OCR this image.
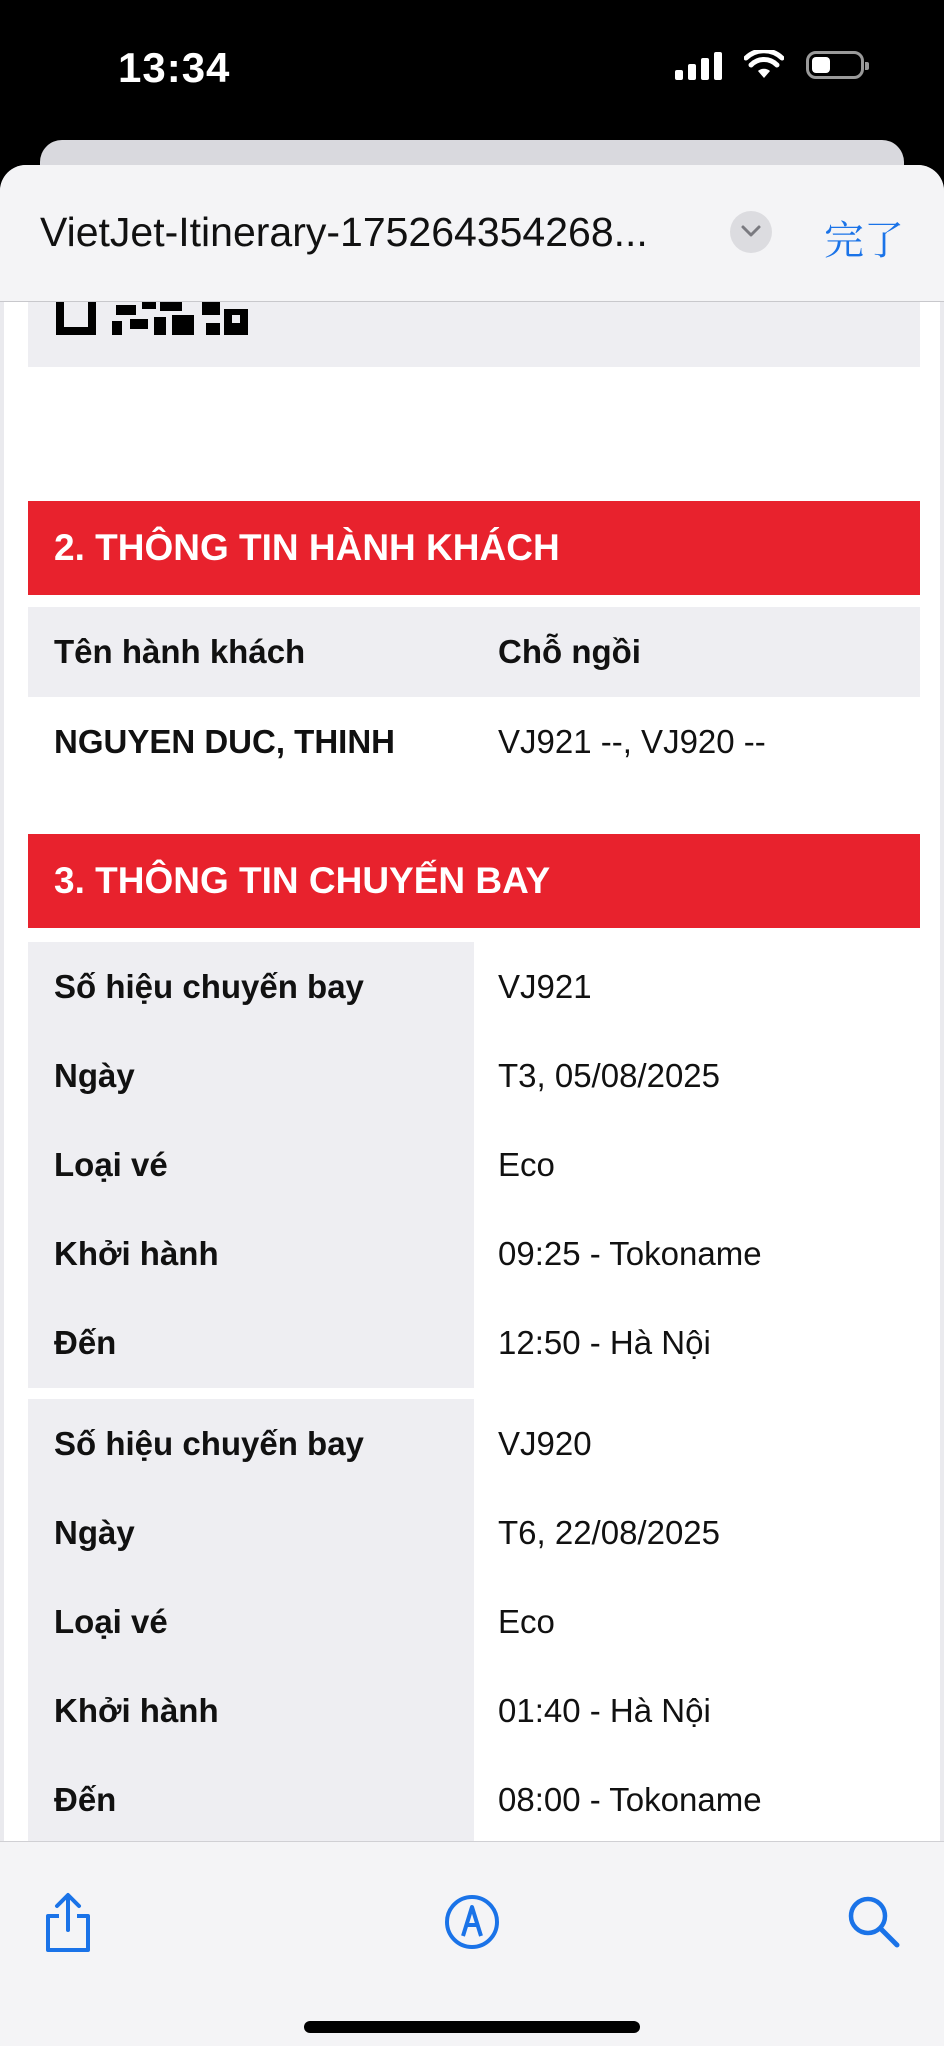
13:34
VietJet-Itinerary-175264354268...	完了
2. THÔNG TIN HÀNH KHÁCH
Tên hành khách	Chỗ ngồi
NGUYEN DUC, THINH	VJ921 --, VJ920 --
3. THÔNG TIN CHUYẾN BAY
Số hiệu chuyến bay	VJ921
Ngày	T3, 05/08/2025
Loại vé	Eco
Khởi hành	09:25 - Tokoname
Đến	12:50 - Hà Nội
Số hiệu chuyến bay	VJ920
Ngày	T6, 22/08/2025
Loại vé	Eco
Khởi hành	01:40 - Hà Nội
Đến	08:00 - Tokoname
